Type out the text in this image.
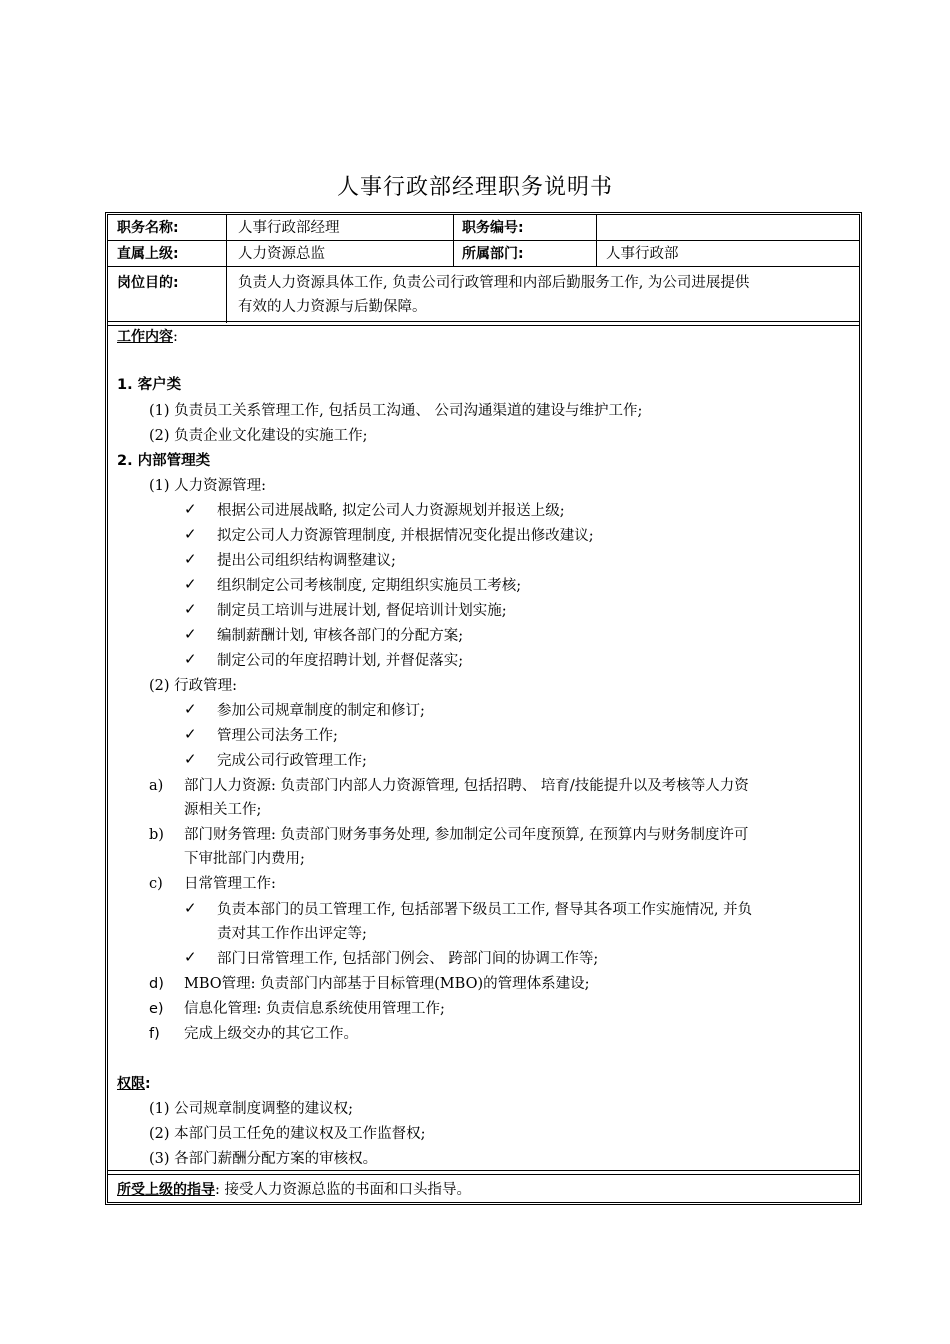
人事行政部经理职务说明书
职务名称:	人事行政部经理	职务编号:
直属上级:	人力资源总监	所属部门:	人事行政部
岗位目的:	负责人力资源具体工作, 负责公司行政管理和内部后勤服务工作, 为公司进展提供
有效的人力资源与后勤保障。
工作内容:
1. 客户类
(1) 负责员工关系管理工作, 包括员工沟通、 公司沟通渠道的建设与维护工作;
(2) 负责企业文化建设的实施工作;
2. 内部管理类
(1) 人力资源管理:
✓ 根据公司进展战略, 拟定公司人力资源规划并报送上级;
✓ 拟定公司人力资源管理制度, 并根据情况变化提出修改建议;
✓ 提出公司组织结构调整建议;
✓ 组织制定公司考核制度, 定期组织实施员工考核;
✓ 制定员工培训与进展计划, 督促培训计划实施;
✓ 编制薪酬计划, 审核各部门的分配方案;
✓ 制定公司的年度招聘计划, 并督促落实;
(2) 行政管理:
✓ 参加公司规章制度的制定和修订;
✓ 管理公司法务工作;
✓ 完成公司行政管理工作;
a) 部门人力资源: 负责部门内部人力资源管理, 包括招聘、 培育/技能提升以及考核等人力资
源相关工作;
b) 部门财务管理: 负责部门财务事务处理, 参加制定公司年度预算, 在预算内与财务制度许可
下审批部门内费用;
c) 日常管理工作:
✓ 负责本部门的员工管理工作, 包括部署下级员工工作, 督导其各项工作实施情况, 并负
责对其工作作出评定等;
✓ 部门日常管理工作, 包括部门例会、 跨部门间的协调工作等;
d) MBO管理: 负责部门内部基于目标管理(MBO)的管理体系建设;
e) 信息化管理: 负责信息系统使用管理工作;
f) 完成上级交办的其它工作。
权限:
(1) 公司规章制度调整的建议权;
(2) 本部门员工任免的建议权及工作监督权;
(3) 各部门薪酬分配方案的审核权。
所受上级的指导: 接受人力资源总监的书面和口头指导。
